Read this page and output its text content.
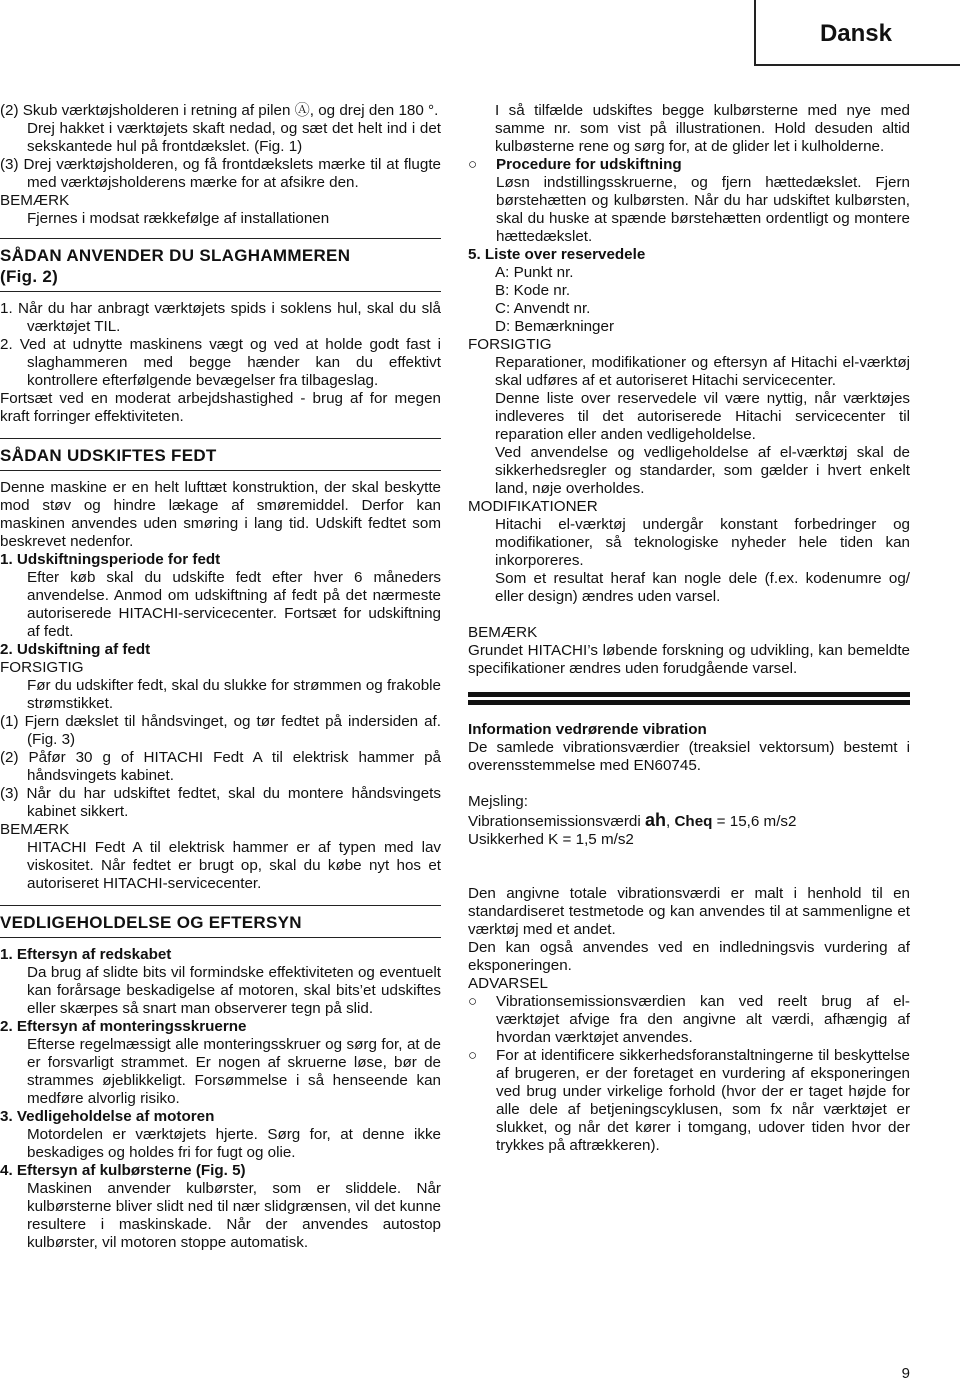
Dansk

(2) Skub værktøjsholderen i retning af pilen Ⓐ, og drej den 180 °.

Drej hakket i værktøjets skaft nedad, og sæt det helt ind i det sekskantede hul på frontdækslet. (Fig. 1)

(3) Drej værktøjsholderen, og få frontdækslets mærke til at flugte med værktøjsholderens mærke for at afsikre den.

BEMÆRK

Fjernes i modsat rækkefølge af installationen

SÅDAN ANVENDER DU SLAGHAMMEREN

(Fig. 2)

1. Når du har anbragt værktøjets spids i soklens hul, skal du slå værktøjet TIL.

2. Ved at udnytte maskinens vægt og ved at holde godt fast i slaghammeren med begge hænder kan du effektivt kontrollere efterfølgende bevægelser fra tilbageslag.

Fortsæt ved en moderat arbejdshastighed - brug af for megen kraft forringer effektiviteten.

SÅDAN UDSKIFTES FEDT

Denne maskine er en helt lufttæt konstruktion, der skal beskytte mod støv og hindre lækage af smøremiddel. Derfor kan maskinen anvendes uden smøring i lang tid. Udskift fedtet som beskrevet nedenfor.

1. Udskiftningsperiode for fedt

Efter køb skal du udskifte fedt efter hver 6 måneders anvendelse. Anmod om udskiftning af fedt på det nærmeste autoriserede HITACHI-servicecenter. Fortsæt for udskiftning af fedt.

2. Udskiftning af fedt

FORSIGTIG

Før du udskifter fedt, skal du slukke for strømmen og frakoble strømstikket.

(1) Fjern dækslet til håndsvinget, og tør fedtet på indersiden af. (Fig. 3)

(2) Påfør 30 g of HITACHI Fedt A til elektrisk hammer på håndsvingets kabinet.

(3) Når du har udskiftet fedtet, skal du montere håndsvingets kabinet sikkert.

BEMÆRK

HITACHI Fedt A til elektrisk hammer er af typen med lav viskositet. Når fedtet er brugt op, skal du købe nyt hos et autoriseret HITACHI-servicecenter.

VEDLIGEHOLDELSE OG EFTERSYN

1. Eftersyn af redskabet

Da brug af slidte bits vil formindske effektiviteten og eventuelt kan forårsage beskadigelse af motoren, skal bits’et udskiftes eller skærpes så snart man observerer tegn på slid.

2. Eftersyn af monteringsskruerne

Efterse regelmæssigt alle monteringsskruer og sørg for, at de er forsvarligt strammet. Er nogen af skruerne løse, bør de strammes øjeblikkeligt. Forsømmelse i så henseende kan medføre alvorlig risiko.

3. Vedligeholdelse af motoren

Motordelen er værktøjets hjerte. Sørg for, at denne ikke beskadiges og holdes fri for fugt og olie.

4. Eftersyn af kulbørsterne (Fig. 5)

Maskinen anvender kulbørster, som er sliddele. Når kulbørsterne bliver slidt ned til nær slidgrænsen, vil det kunne resultere i maskinskade. Når der anvendes autostop kulbørster, vil motoren stoppe automatisk.

I så tilfælde udskiftes begge kulbørsterne med nye med samme nr. som vist på illustrationen. Hold desuden altid kulbøsterne rene og sørg for, at de glider let i kulholderne.

○	Procedure for udskiftning

Løsn indstillingsskruerne, og fjern hættedækslet. Fjern børstehætten og kulbørsten. Når du har udskiftet kulbørsten, skal du huske at spænde børstehætten ordentligt og montere hættedækslet.

5. Liste over reservedele

A: Punkt nr.

B: Kode nr.

C: Anvendt nr.

D: Bemærkninger

FORSIGTIG

Reparationer, modifikationer og eftersyn af Hitachi el-værktøj skal udføres af et autoriseret Hitachi servicecenter.

Denne liste over reservedele vil være nyttig, når værktøjes indleveres til det autoriserede Hitachi servicecenter til reparation eller anden vedligeholdelse.

Ved anvendelse og vedligeholdelse af el-værktøj skal de sikkerhedsregler og standarder, som gælder i hvert enkelt land, nøje overholdes.

MODIFIKATIONER

Hitachi el-værktøj undergår konstant forbedringer og modifikationer, så teknologiske nyheder hele tiden kan inkorporeres.

Som et resultat heraf kan nogle dele (f.ex. kodenumre og/ eller design) ændres uden varsel.

BEMÆRK

Grundet HITACHI’s løbende forskning og udvikling, kan bemeldte specifikationer ændres uden forudgående varsel.

Information vedrørende vibration

De samlede vibrationsværdier (treaksiel vektorsum) bestemt i overensstemmelse med EN60745.

Mejsling:

Vibrationsemissionsværdi ah, Cheq = 15,6 m/s2

Usikkerhed K = 1,5 m/s2

Den angivne totale vibrationsværdi er malt i henhold til en standardiseret testmetode og kan anvendes til at sammenligne et værktøj med et andet.

Den kan også anvendes ved en indledningsvis vurdering af eksponeringen.

ADVARSEL

○	Vibrationsemissionsværdien kan ved reelt brug af el-værktøjet afvige fra den angivne alt værdi, afhængig af hvordan værktøjet anvendes.

○	For at identificere sikkerhedsforanstaltningerne til beskyttelse af brugeren, er der foretaget en vurdering af eksponeringen ved brug under virkelige forhold (hvor der er taget højde for alle dele af betjeningscyklusen, som fx når værktøjet er slukket, og når det kører i tomgang, udover tiden hvor der trykkes på aftrækkeren).

9
